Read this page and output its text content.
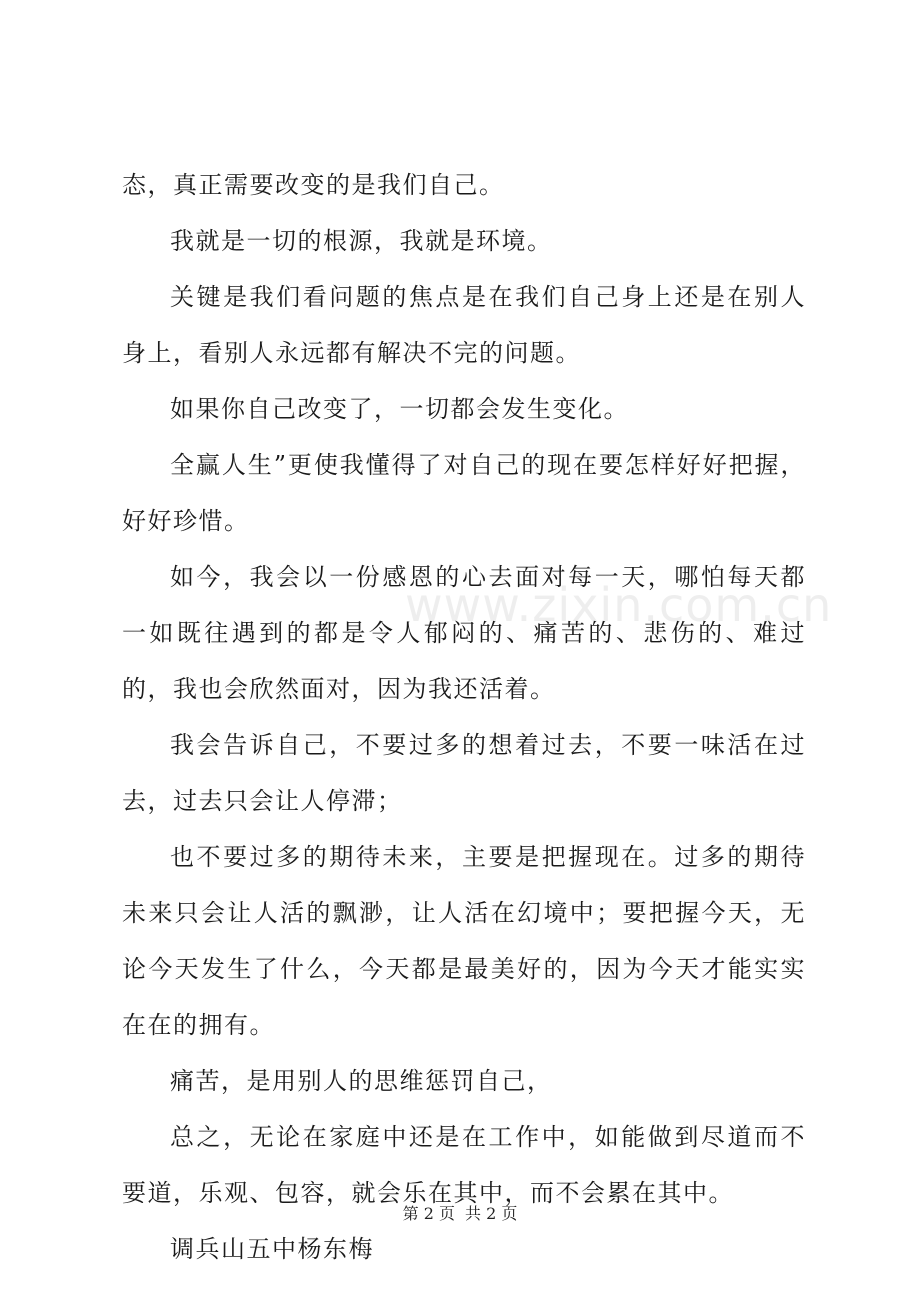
态，真正需要改变的是我们自己。

我就是一切的根源，我就是环境。

关键是我们看问题的焦点是在我们自己身上还是在别人身上，看别人永远都有解决不完的问题。

如果你自己改变了，一切都会发生变化。

全赢人生”更使我懂得了对自己的现在要怎样好好把握，好好珍惜。

如今，我会以一份感恩的心去面对每一天，哪怕每天都一如既往遇到的都是令人郁闷的、痛苦的、悲伤的、难过的，我也会欣然面对，因为我还活着。

我会告诉自己，不要过多的想着过去，不要一味活在过去，过去只会让人停滞；

也不要过多的期待未来，主要是把握现在。过多的期待未来只会让人活的飘渺，让人活在幻境中；要把握今天，无论今天发生了什么，今天都是最美好的，因为今天才能实实在在的拥有。

痛苦，是用别人的思维惩罚自己，

总之，无论在家庭中还是在工作中，如能做到尽道而不要道，乐观、包容，就会乐在其中，而不会累在其中。

调兵山五中杨东梅

www.zixin.com.cn
第 2 页 共 2 页
